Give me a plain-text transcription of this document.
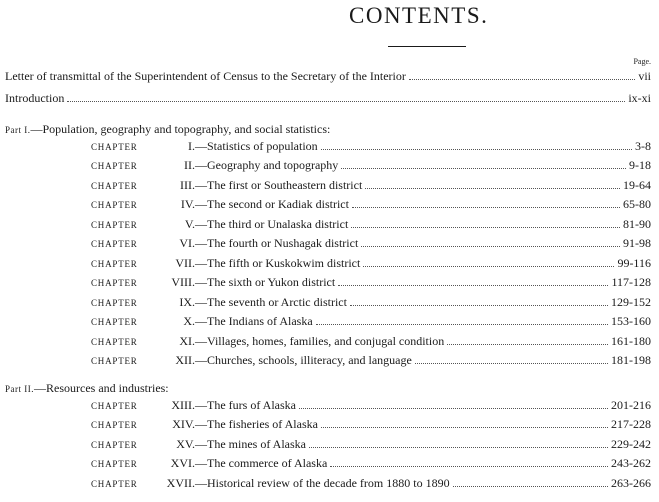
CONTENTS.
Page.
Letter of transmittal of the Superintendent of Census to the Secretary of the Interior	vii
Introduction	ix-xi
Part I.—Population, geography and topography, and social statistics:
CHAPTER	I.—Statistics of population	3-8
CHAPTER	II.—Geography and topography	9-18
CHAPTER	III.—The first or Southeastern district	19-64
CHAPTER	IV.—The second or Kadiak district	65-80
CHAPTER	V.—The third or Unalaska district	81-90
CHAPTER	VI.—The fourth or Nushagak district	91-98
CHAPTER	VII.—The fifth or Kuskokwim district	99-116
CHAPTER	VIII.—The sixth or Yukon district	117-128
CHAPTER	IX.—The seventh or Arctic district	129-152
CHAPTER	X.—The Indians of Alaska	153-160
CHAPTER	XI.—Villages, homes, families, and conjugal condition	161-180
CHAPTER	XII.—Churches, schools, illiteracy, and language	181-198
Part II.—Resources and industries:
CHAPTER	XIII.—The furs of Alaska	201-216
CHAPTER	XIV.—The fisheries of Alaska	217-228
CHAPTER	XV.—The mines of Alaska	229-242
CHAPTER	XVI.—The commerce of Alaska	243-262
CHAPTER XVII.—Historical review of the decade from 1880 to 1890	263-266
